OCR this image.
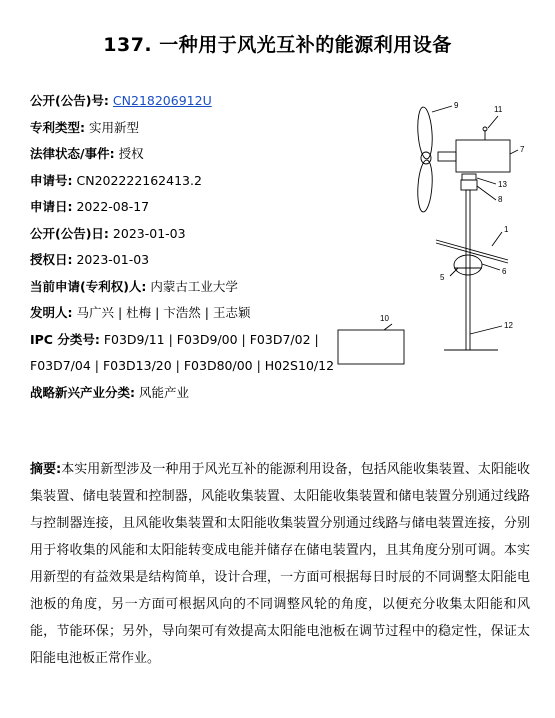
137. 一种用于风光互补的能源利用设备
公开(公告)号: CN218206912U
专利类型: 实用新型
法律状态/事件: 授权
申请号: CN202222162413.2
申请日: 2022-08-17
公开(公告)日: 2023-01-03
授权日: 2023-01-03
当前申请(专利权)人: 内蒙古工业大学
发明人: 马广兴 | 杜梅 | 卞浩然 | 王志颖
IPC 分类号: F03D9/11 | F03D9/00 | F03D7/02 |
F03D7/04 | F03D13/20 | F03D80/00 | H02S10/12
战略新兴产业分类: 风能产业
9	11
7
13
8
1
5
6
10
12
摘要:本实用新型涉及一种用于风光互补的能源利用设备，包括风能收集装置、太阳能收集装置、储电装置和控制器，风能收集装置、太阳能收集装置和储电装置分别通过线路与控制器连接，且风能收集装置和太阳能收集装置分别通过线路与储电装置连接，分别用于将收集的风能和太阳能转变成电能并储存在储电装置内，且其角度分别可调。本实用新型的有益效果是结构简单，设计合理，一方面可根据每日时辰的不同调整太阳能电池板的角度，另一方面可根据风向的不同调整风轮的角度，以便充分收集太阳能和风能，节能环保；另外，导向架可有效提高太阳能电池板在调节过程中的稳定性，保证太阳能电池板正常作业。
